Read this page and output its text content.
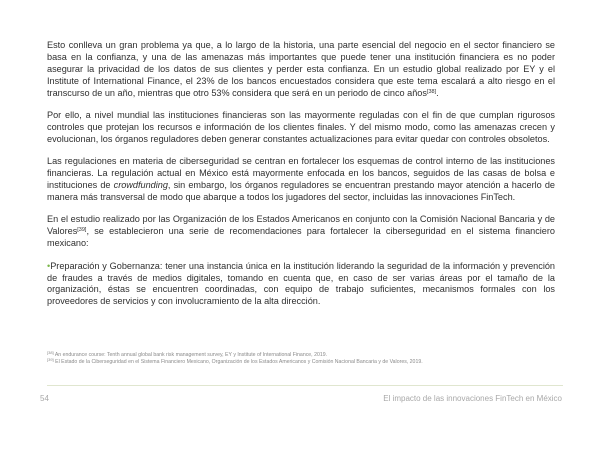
Esto conlleva un gran problema ya que, a lo largo de la historia, una parte esencial del negocio en el sector financiero se basa en la confianza, y una de las amenazas más importantes que puede tener una institución financiera es no poder asegurar la privacidad de los datos de sus clientes y perder esta confianza. En un estudio global realizado por EY y el Institute of International Finance, el 23% de los bancos encuestados considera que este tema escalará a alto riesgo en el transcurso de un año, mientras que otro 53% considera que será en un periodo de cinco años[38].

Por ello, a nivel mundial las instituciones financieras son las mayormente reguladas con el fin de que cumplan rigurosos controles que protejan los recursos e información de los clientes finales. Y del mismo modo, como las amenazas crecen y evolucionan, los órganos reguladores deben generar constantes actualizaciones para evitar quedar con controles obsoletos.

Las regulaciones en materia de ciberseguridad se centran en fortalecer los esquemas de control interno de las instituciones financieras. La regulación actual en México está mayormente enfocada en los bancos, seguidos de las casas de bolsa e instituciones de crowdfunding, sin embargo, los órganos reguladores se encuentran prestando mayor atención a hacerlo de manera más transversal de modo que abarque a todos los jugadores del sector, incluidas las innovaciones FinTech.

En el estudio realizado por las Organización de los Estados Americanos en conjunto con la Comisión Nacional Bancaria y de Valores[39], se establecieron una serie de recomendaciones para fortalecer la ciberseguridad en el sistema financiero mexicano:

•Preparación y Gobernanza: tener una instancia única en la institución liderando la seguridad de la información y prevención de fraudes a través de medios digitales, tomando en cuenta que, en caso de ser varias áreas por el tamaño de la organización, éstas se encuentren coordinadas, con equipo de trabajo suficientes, mecanismos formales con los proveedores de servicios y con involucramiento de la alta dirección.

[38] An endurance course: Tenth annual global bank risk management survey, EY y Institute of International Finance, 2019.
[39] El Estado de la Ciberseguridad en el Sistema Financiero Mexicano, Organización de los Estados Americanos y Comisión Nacional Bancaria y de Valores, 2019.
54	El impacto de las innovaciones FinTech en México
